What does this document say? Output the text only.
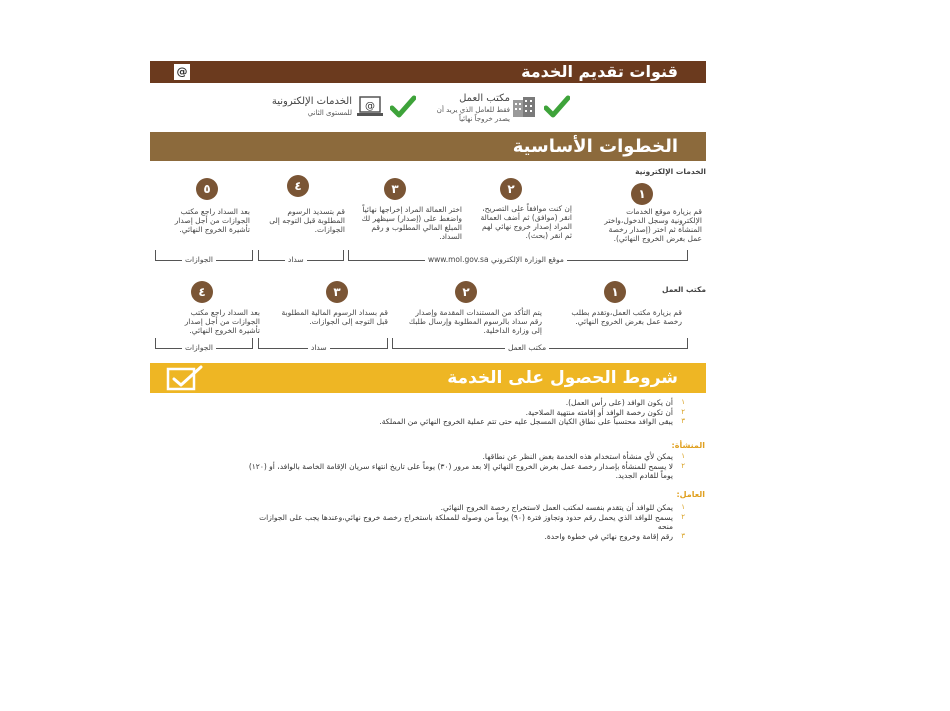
@	قنوات تقديم الخدمة
مكتب العمل
فقط للعامل الذي يريد أن
يصدر خروجاً نهائياً
@
الخدمات الإلكترونية
للمستوى الثاني
الخطوات الأساسية
الخدمات الإلكترونية
١
قم بزيارة موقع الخدمات الإلكترونية وسجل الدخول،واختر المنشأة ثم اختر (إصدار رخصة عمل بغرض الخروج النهائي).
٢
إن كنت موافقاً على التصريح، انقر (موافق) ثم أضف العمالة المراد إصدار خروج نهائي لهم ثم انقر (بحث).
٣
اختر العمالة المراد إخراجها نهائياً واضغط على (إصدار) سيظهر لك المبلغ المالي المطلوب و رقم السداد.
٤
قم بتسديد الرسوم المطلوبة قبل التوجه إلى الجوازات.
٥
بعد السداد راجع مكتب الجوازات من أجل إصدار تأشيرة الخروج النهائي.
موقع الوزارة الإلكتروني www.mol.gov.sa
سداد
الجوازات
مكتب العمل
١
قم بزيارة مكتب العمل،وتقدم بطلب رخصة عمل بغرض الخروج النهائي.
٢
يتم التأكد من المستندات المقدمة وإصدار رقم سداد بالرسوم المطلوبة وإرسال طلبك إلى وزارة الداخلية.
٣
قم بسداد الرسوم المالية المطلوبة قبل التوجه إلى الجوازات.
٤
بعد السداد راجع مكتب الجوازات من أجل إصدار تأشيرة الخروج النهائي.
مكتب العمل
سداد
الجوازات
شروط الحصول على الخدمة
١
أن يكون الوافد (على رأس العمل).
٢
أن تكون رخصة الوافد أو إقامته منتهية الصلاحية.
٣
يبقى الوافد محتسباً على نطاق الكيان المسجل عليه حتى تتم عملية الخروج النهائي من المملكة.
المنشأة:
١
يمكن لأي منشأة استخدام هذه الخدمة بغض النظر عن نطاقها.
٢
لا يسمح للمنشأة بإصدار رخصة عمل بغرض الخروج النهائي إلا بعد مرور (٣٠) يوماً على تاريخ انتهاء سريان الإقامة الخاصة بالوافد، أو (١٢٠) يوماً للقادم الجديد.
العامل:
١
يمكن للوافد أن يتقدم بنفسه لمكتب العمل لاستخراج رخصة الخروج النهائي.
٢
يسمح للوافد الذي يحمل رقم حدود وتجاوز فترة (٩٠) يوماً من وصوله للمملكة باستخراج رخصة خروج نهائي،وعندها يجب على الجوازات منحه
٣
رقم إقامة وخروج نهائي في خطوة واحدة.
